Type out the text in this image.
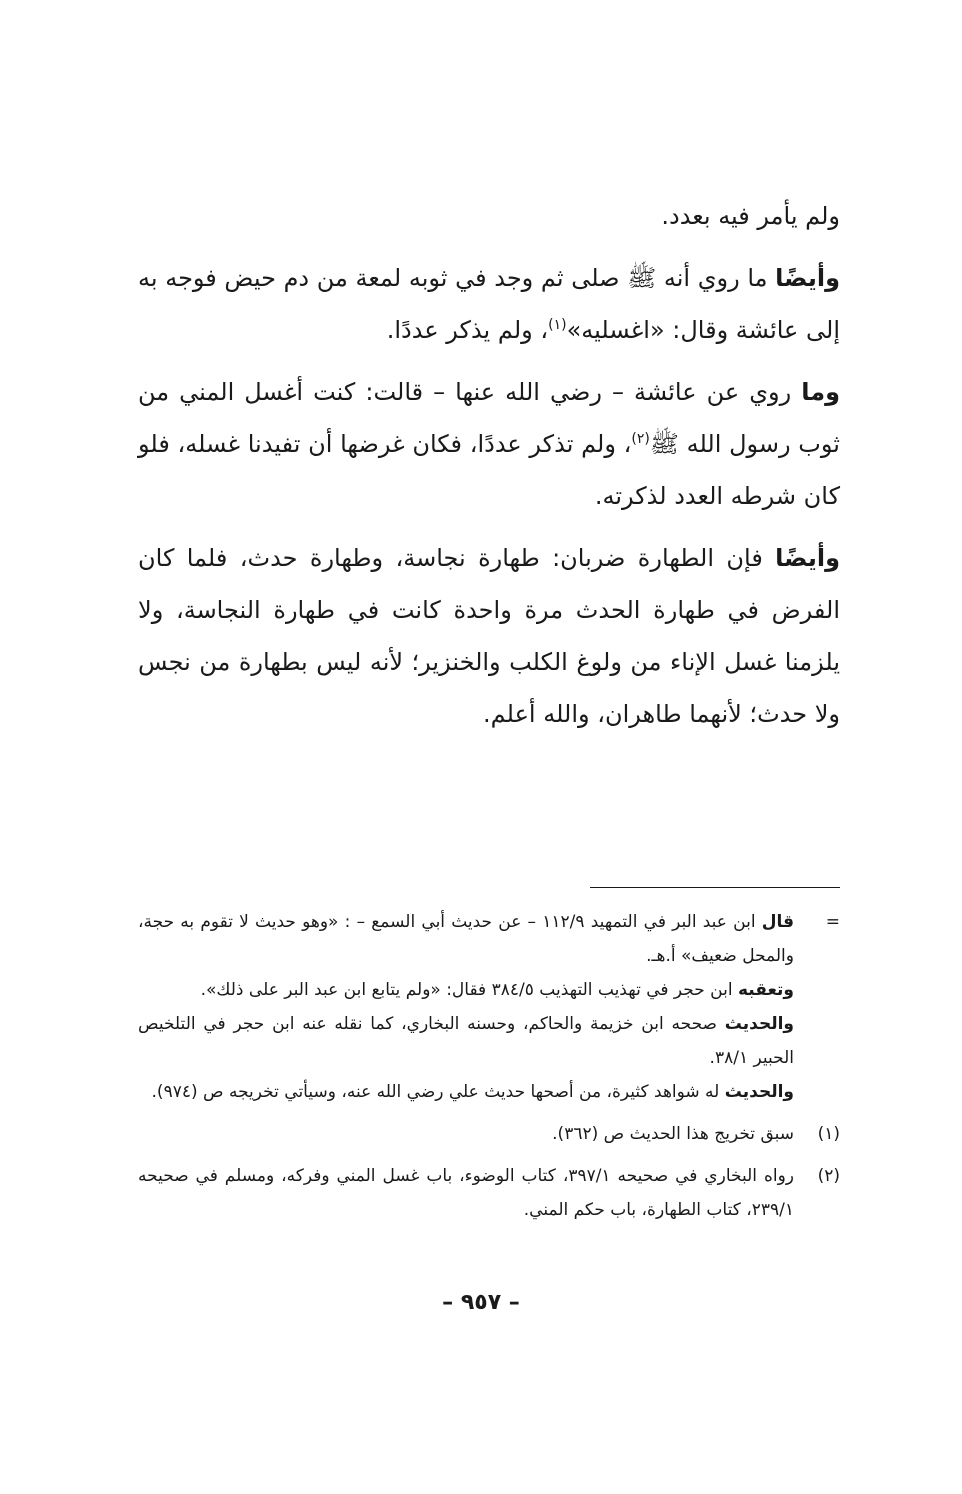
ولم يأمر فيه بعدد.

وأيضًا ما روي أنه ﷺ صلى ثم وجد في ثوبه لمعة من دم حيض فوجه به إلى عائشة وقال: «اغسليه»$^{(١)}$، ولم يذكر عددًا.

وما روي عن عائشة – رضي الله عنها – قالت: كنت أغسل المني من ثوب رسول الله ﷺ$^{(٢)}$، ولم تذكر عددًا، فكان غرضها أن تفيدنا غسله، فلو كان شرطه العدد لذكرته.

وأيضًا فإن الطهارة ضربان: طهارة نجاسة، وطهارة حدث، فلما كان الفرض في طهارة الحدث مرة واحدة كانت في طهارة النجاسة، ولا يلزمنا غسل الإناء من ولوغ الكلب والخنزير؛ لأنه ليس بطهارة من نجس ولا حدث؛ لأنهما طاهران، والله أعلم.

=

قال ابن عبد البر في التمهيد ١١٢/٩ – عن حديث أبي السمع – : «وهو حديث لا تقوم به حجة، والمحل ضعيف» أ.هـ.

وتعقبه ابن حجر في تهذيب التهذيب ٣٨٤/٥ فقال: «ولم يتابع ابن عبد البر على ذلك».

والحديث صححه ابن خزيمة والحاكم، وحسنه البخاري، كما نقله عنه ابن حجر في التلخيص الحبير ٣٨/١.

والحديث له شواهد كثيرة، من أصحها حديث علي رضي الله عنه، وسيأتي تخريجه ص (٩٧٤).

(١)
سبق تخريج هذا الحديث ص (٣٦٢).
(٢)
رواه البخاري في صحيحه ٣٩٧/١، كتاب الوضوء، باب غسل المني وفركه، ومسلم في صحيحه ٢٣٩/١، كتاب الطهارة، باب حكم المني.
– ٩٥٧ –
